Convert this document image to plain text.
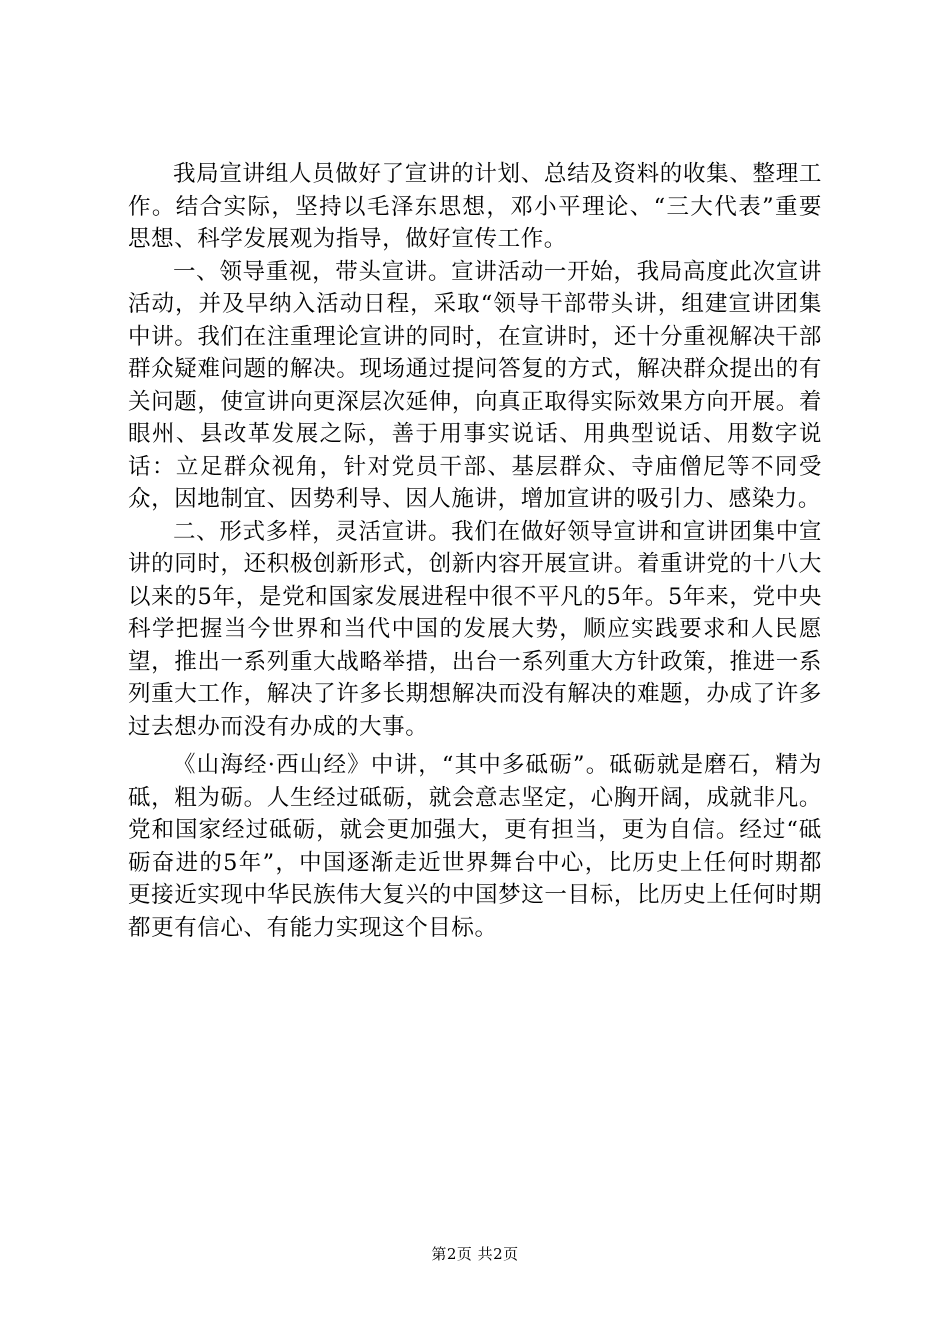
我局宣讲组人员做好了宣讲的计划、总结及资料的收集、整理工作。结合实际，坚持以毛泽东思想，邓小平理论、“三大代表”重要思想、科学发展观为指导，做好宣传工作。

一、领导重视，带头宣讲。宣讲活动一开始，我局高度此次宣讲活动，并及早纳入活动日程，采取“领导干部带头讲，组建宣讲团集中讲。我们在注重理论宣讲的同时，在宣讲时，还十分重视解决干部群众疑难问题的解决。现场通过提问答复的方式，解决群众提出的有关问题，使宣讲向更深层次延伸，向真正取得实际效果方向开展。着眼州、县改革发展之际，善于用事实说话、用典型说话、用数字说话：立足群众视角，针对党员干部、基层群众、寺庙僧尼等不同受众，因地制宜、因势利导、因人施讲，增加宣讲的吸引力、感染力。

二、形式多样，灵活宣讲。我们在做好领导宣讲和宣讲团集中宣讲的同时，还积极创新形式，创新内容开展宣讲。着重讲党的十八大以来的5年，是党和国家发展进程中很不平凡的5年。5年来，党中央科学把握当今世界和当代中国的发展大势，顺应实践要求和人民愿望，推出一系列重大战略举措，出台一系列重大方针政策，推进一系列重大工作，解决了许多长期想解决而没有解决的难题，办成了许多过去想办而没有办成的大事。

《山海经·西山经》中讲，“其中多砥砺”。砥砺就是磨石，精为砥，粗为砺。人生经过砥砺，就会意志坚定，心胸开阔，成就非凡。党和国家经过砥砺，就会更加强大，更有担当，更为自信。经过“砥砺奋进的5年”，中国逐渐走近世界舞台中心，比历史上任何时期都更接近实现中华民族伟大复兴的中国梦这一目标，比历史上任何时期都更有信心、有能力实现这个目标。

第2页 共2页
